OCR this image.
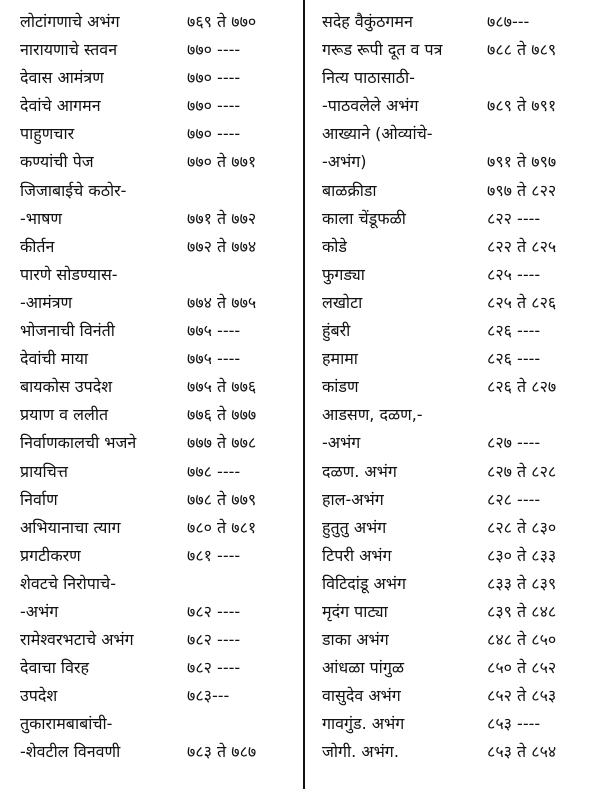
लोटांगणाचे अभंग	७६९ ते ७७०
नारायणाचे स्तवन	७७० ----
देवास आमंत्रण	७७० ----
देवांचे आगमन	७७० ----
पाहुणचार	७७० ----
कण्यांची पेज	७७० ते ७७१
जिजाबाईचे कठोर-
-भाषण	७७१ ते ७७२
कीर्तन	७७२ ते ७७४
पारणे सोडण्यास-
-आमंत्रण	७७४ ते ७७५
भोजनाची विनंती	७७५ ----
देवांची माया	७७५ ----
बायकोस उपदेश	७७५ ते ७७६
प्रयाण व ललीत	७७६ ते ७७७
निर्वाणकालची भजने	७७७ ते ७७८
प्रायचित्त	७७८ ----
निर्वाण	७७८ ते ७७९
अभियानाचा त्याग	७८० ते ७८१
प्रगटीकरण	७८१ ----
शेवटचे निरोपाचे-
-अभंग	७८२ ----
रामेश्वरभटाचे अभंग	७८२ ----
देवाचा विरह	७८२ ----
उपदेश	७८३---
तुकारामबाबांची-
-शेवटील विनवणी	७८३ ते ७८७
सदेह वैकुंठगमन	७८७---
गरूड रूपी दूत व पत्र	७८८ ते ७८९
नित्य पाठासाठी-
-पाठवलेले अभंग	७८९ ते ७९१
आख्याने (ओव्यांचे-
-अभंग)	७९१ ते ७९७
बाळक्रीडा	७९७ ते ८२२
काला चेंडूफळी	८२२ ----
कोडे	८२२ ते ८२५
फुगड्या	८२५ ----
लखोटा	८२५ ते ८२६
हुंबरी	८२६ ----
हमामा	८२६ ----
कांडण	८२६ ते ८२७
आडसण, दळण,-
-अभंग	८२७ ----
दळण. अभंग	८२७ ते ८२८
हाल-अभंग	८२८ ----
हुतुतु अभंग	८२८ ते ८३०
टिपरी अभंग	८३० ते ८३३
विटिदांडू अभंग	८३३ ते ८३९
मृदंग पाट्या	८३९ ते ८४८
डाका अभंग	८४८ ते ८५०
आंधळा पांगुळ	८५० ते ८५२
वासुदेव अभंग	८५२ ते ८५३
गावगुंड. अभंग	८५३ ----
जोगी. अभंग.	८५३ ते ८५४
